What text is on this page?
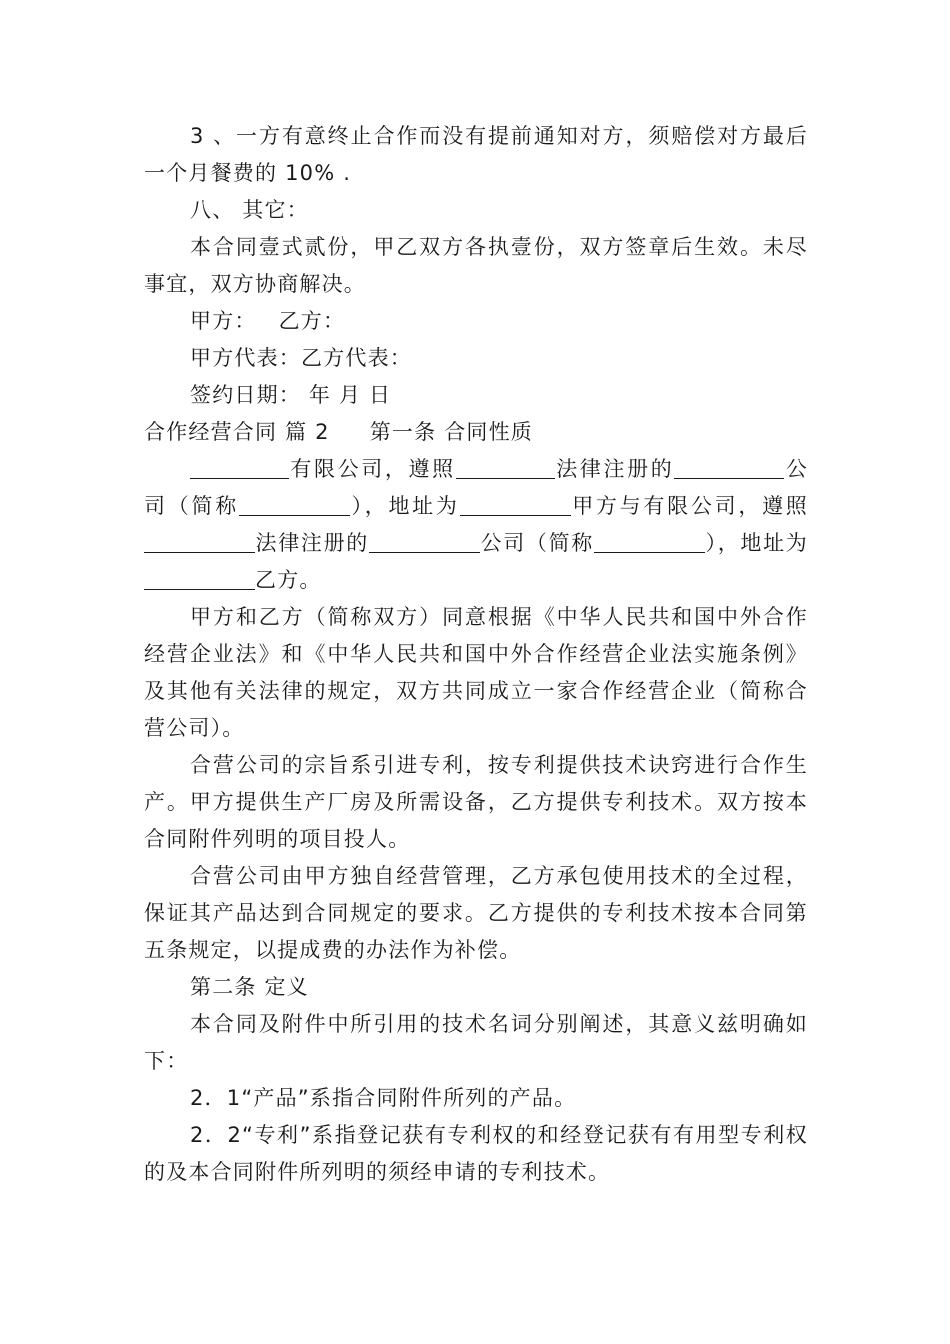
3 、一方有意终止合作而没有提前通知对方，须赔偿对方最后一个月餐费的 10% .

八、 其它：

本合同壹式贰份，甲乙双方各执壹份，双方签章后生效。未尽事宜，双方协商解决。

甲方： 乙方：

甲方代表：乙方代表：

签约日期： 年 月 日

合作经营合同 篇 2 第一条 合同性质

有限公司，遵照	法律注册的	公司（简称	），地址为	甲方与有限公司，遵照法律注册的	公司（简称	），地址为乙方。

甲方和乙方（简称双方）同意根据《中华人民共和国中外合作经营企业法》和《中华人民共和国中外合作经营企业法实施条例》及其他有关法律的规定，双方共同成立一家合作经营企业（简称合营公司）。

合营公司的宗旨系引进专利，按专利提供技术诀窍进行合作生产。甲方提供生产厂房及所需设备，乙方提供专利技术。双方按本合同附件列明的项目投人。

合营公司由甲方独自经营管理，乙方承包使用技术的全过程，保证其产品达到合同规定的要求。乙方提供的专利技术按本合同第五条规定，以提成费的办法作为补偿。

第二条 定义

本合同及附件中所引用的技术名词分别阐述，其意义兹明确如下：

2．1“产品”系指合同附件所列的产品。

2．2“专利”系指登记获有专利权的和经登记获有有用型专利权的及本合同附件所列明的须经申请的专利技术。
